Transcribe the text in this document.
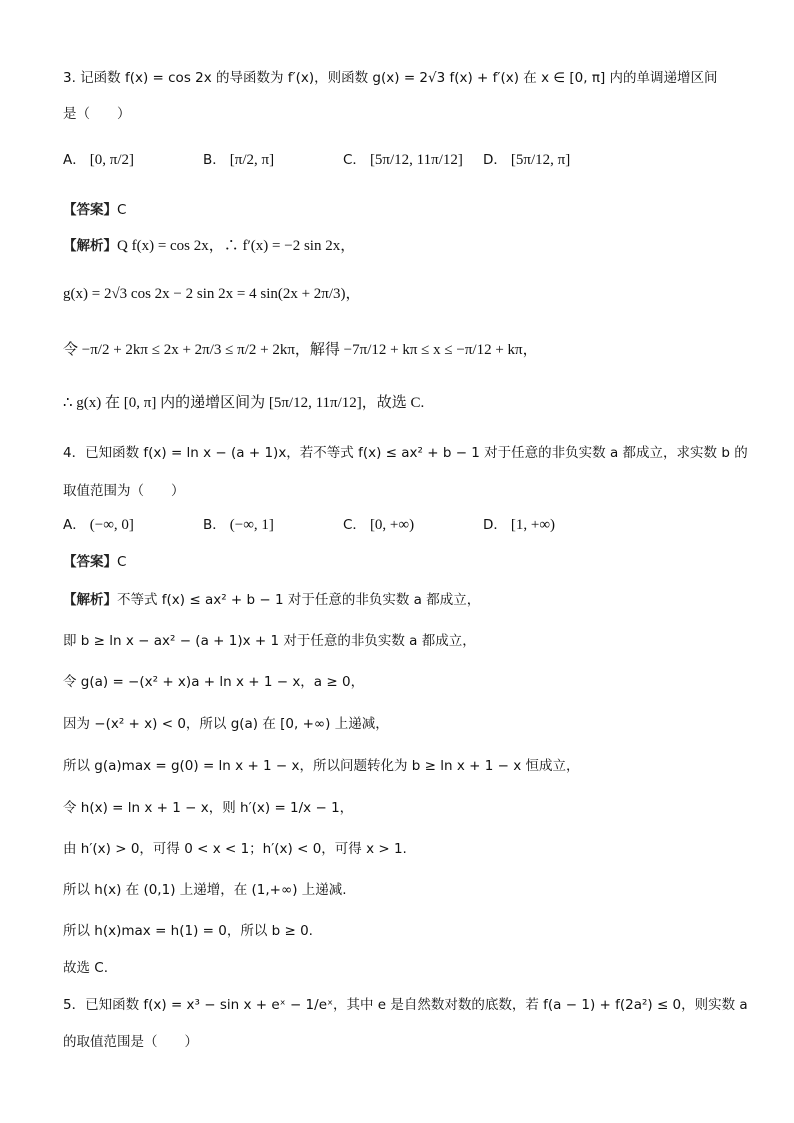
3. 记函数 f(x) = cos 2x 的导函数为 f′(x)，则函数 g(x) = 2√3 f(x) + f′(x) 在 x ∈ [0, π] 内的单调递增区间
是（　　）
A． [0, π/2]	B． [π/2, π]	C． [5π/12, 11π/12] D． [5π/12, π]
【答案】C
【解析】Q f(x) = cos 2x，∴ f′(x) = −2 sin 2x，
g(x) = 2√3 cos 2x − 2 sin 2x = 4 sin(2x + 2π/3)，
令 −π/2 + 2kπ ≤ 2x + 2π/3 ≤ π/2 + 2kπ，解得 −7π/12 + kπ ≤ x ≤ −π/12 + kπ，
∴ g(x) 在 [0, π] 内的递增区间为 [5π/12, 11π/12]，故选 C.
4．已知函数 f(x) = ln x − (a + 1)x，若不等式 f(x) ≤ ax² + b − 1 对于任意的非负实数 a 都成立，求实数 b 的
取值范围为（　　）
A． (−∞, 0]	B． (−∞, 1]	C． [0, +∞)	D． [1, +∞)
【答案】C
【解析】不等式 f(x) ≤ ax² + b − 1 对于任意的非负实数 a 都成立，
即 b ≥ ln x − ax² − (a + 1)x + 1 对于任意的非负实数 a 都成立，
令 g(a) = −(x² + x)a + ln x + 1 − x，a ≥ 0，
因为 −(x² + x) < 0，所以 g(a) 在 [0, +∞) 上递减，
所以 g(a)max = g(0) = ln x + 1 − x，所以问题转化为 b ≥ ln x + 1 − x 恒成立，
令 h(x) = ln x + 1 − x，则 h′(x) = 1/x − 1，
由 h′(x) > 0，可得 0 < x < 1；h′(x) < 0，可得 x > 1.
所以 h(x) 在 (0,1) 上递增，在 (1,+∞) 上递减.
所以 h(x)max = h(1) = 0，所以 b ≥ 0.
故选 C.
5．已知函数 f(x) = x³ − sin x + eˣ − 1/eˣ，其中 e 是自然数对数的底数，若 f(a − 1) + f(2a²) ≤ 0，则实数 a
的取值范围是（　　）
